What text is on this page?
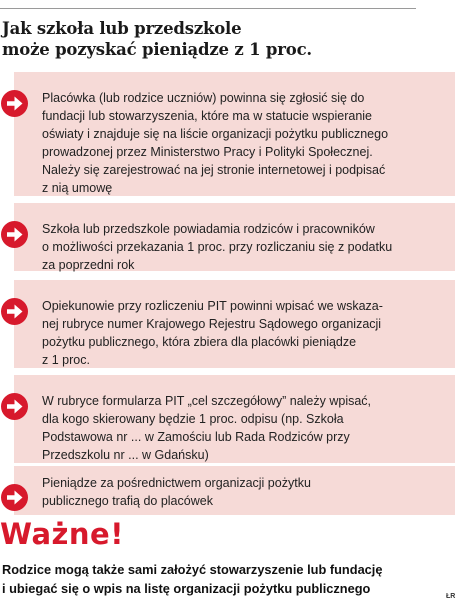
Jak szkoła lub przedszkole
może pozyskać pieniądze z 1 proc.
Placówka (lub rodzice uczniów) powinna się zgłosić się do
fundacji lub stowarzyszenia, które ma w statucie wspieranie
oświaty i znajduje się na liście organizacji pożytku publicznego
prowadzonej przez Ministerstwo Pracy i Polityki Społecznej.
Należy się zarejestrować na jej stronie internetowej i podpisać
z nią umowę
Szkoła lub przedszkole powiadamia rodziców i pracowników
o możliwości przekazania 1 proc. przy rozliczaniu się z podatku
za poprzedni rok
Opiekunowie przy rozliczeniu PIT powinni wpisać we wskaza-
nej rubryce numer Krajowego Rejestru Sądowego organizacji
pożytku publicznego, która zbiera dla placówki pieniądze
z 1 proc.
W rubryce formularza PIT „cel szczegółowy” należy wpisać,
dla kogo skierowany będzie 1 proc. odpisu (np. Szkoła
Podstawowa nr ... w Zamościu lub Rada Rodziców przy
Przedszkolu nr ... w Gdańsku)
Pieniądze za pośrednictwem organizacji pożytku
publicznego trafią do placówek
Ważne!
Rodzice mogą także sami założyć stowarzyszenie lub fundację
i ubiegać się o wpis na listę organizacji pożytku publicznego
ŁR
